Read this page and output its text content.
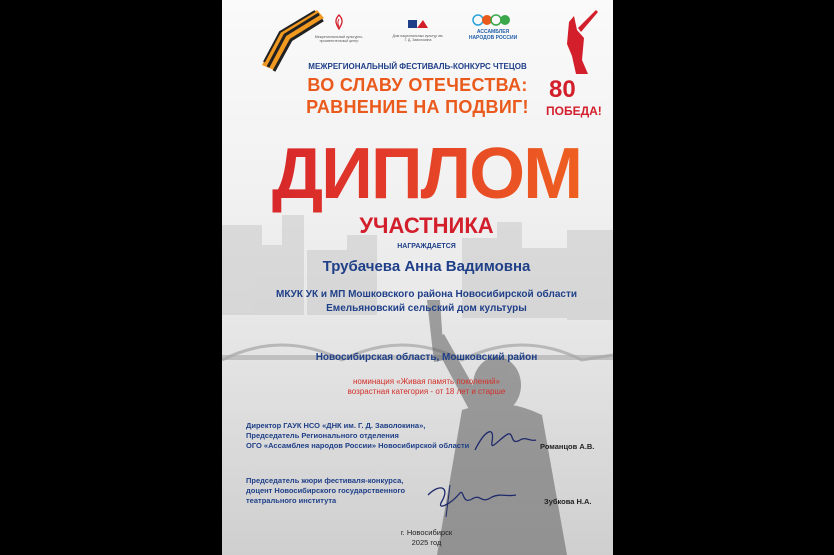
Межрегиональный культурно-просветительный центр
Дом национальных культур им. Г. Д. Заволокина
АССАМБЛЕЯ НАРОДОВ РОССИИ
80
ПОБЕДА!
МЕЖРЕГИОНАЛЬНЫЙ ФЕСТИВАЛЬ-КОНКУРС ЧТЕЦОВ
ВО СЛАВУ ОТЕЧЕСТВА:
РАВНЕНИЕ НА ПОДВИГ!
ДИПЛОМ
УЧАСТНИКА
НАГРАЖДАЕТСЯ
Трубачева Анна Вадимовна
МКУК УК и МП Мошковского района Новосибирской области
Емельяновский сельский дом культуры
Новосибирская область, Мошковский район
номинация «Живая память поколений»
возрастная категория - от 18 лет и старше
Директор ГАУК НСО «ДНК им. Г. Д. Заволокина»,
Председатель Регионального отделения
ОГО «Ассамблея народов России» Новосибирской области	Романцов А.В.
Председатель жюри фестиваля-конкурса,
доцент Новосибирского государственного
театрального института	Зубкова Н.А.
г. Новосибирск
2025 год
